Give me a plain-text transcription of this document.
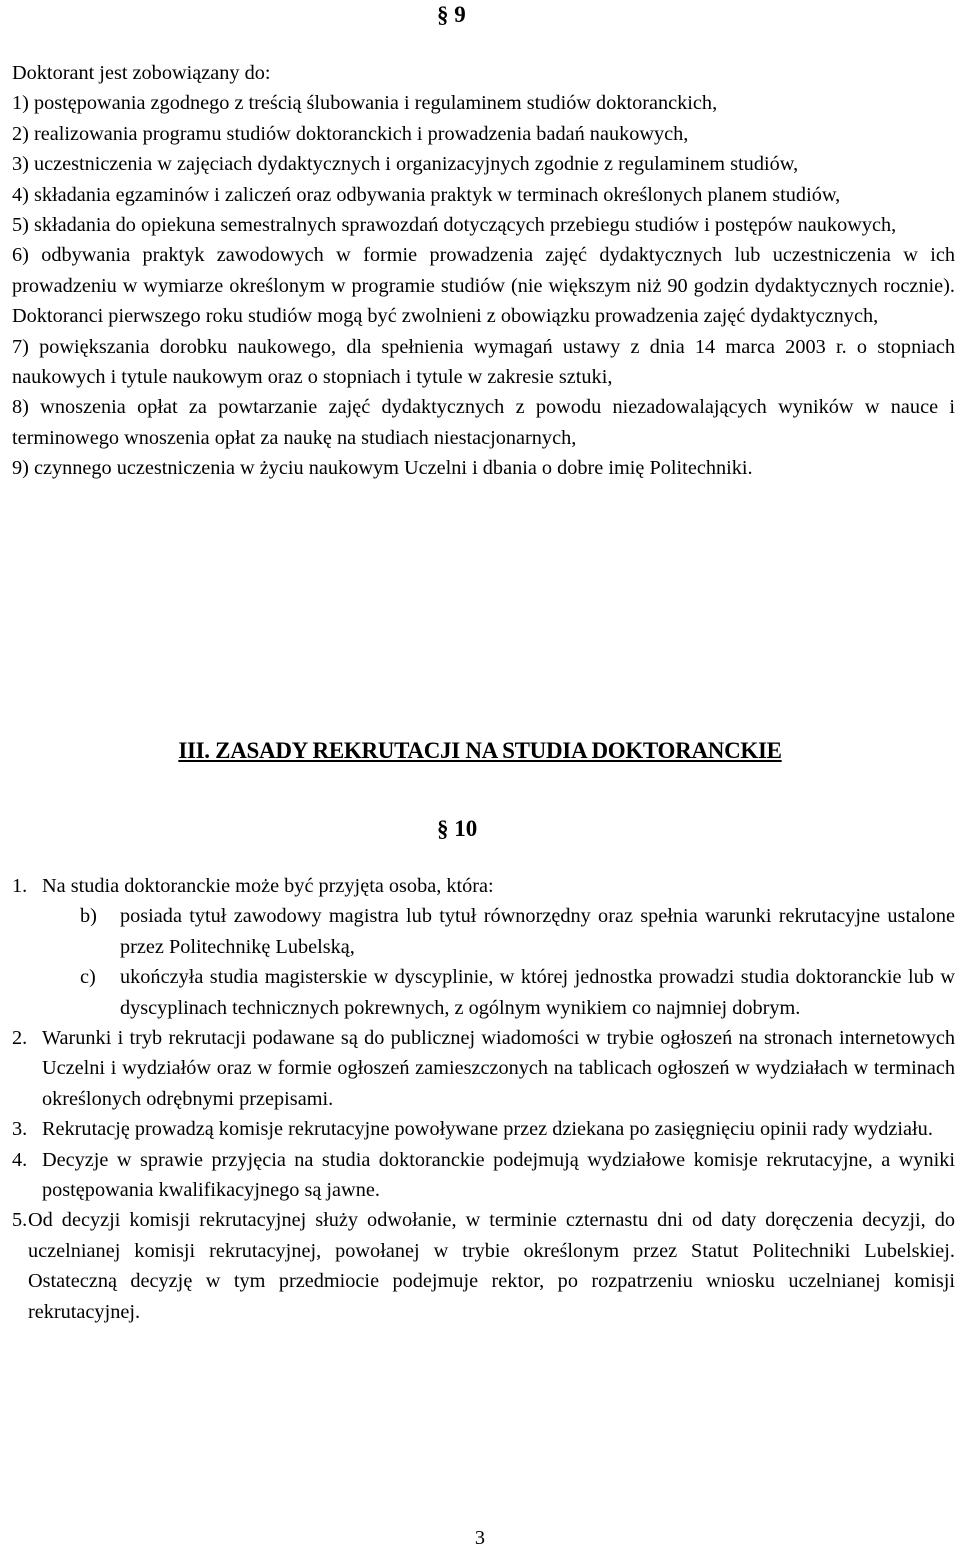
§ 9
Doktorant jest zobowiązany do:
1) postępowania zgodnego z treścią ślubowania i regulaminem studiów doktoranckich,
2) realizowania programu studiów doktoranckich i prowadzenia badań naukowych,
3) uczestniczenia w zajęciach dydaktycznych i organizacyjnych zgodnie z regulaminem studiów,
4) składania egzaminów i zaliczeń oraz odbywania praktyk w terminach określonych planem studiów,
5) składania do opiekuna semestralnych sprawozdań dotyczących przebiegu studiów i postępów naukowych,
6) odbywania praktyk zawodowych w formie prowadzenia zajęć dydaktycznych lub uczestniczenia w ich prowadzeniu w wymiarze określonym w programie studiów (nie większym niż 90 godzin dydaktycznych rocznie). Doktoranci pierwszego roku studiów mogą być zwolnieni z obowiązku prowadzenia zajęć dydaktycznych,
7) powiększania dorobku naukowego, dla spełnienia wymagań ustawy z dnia 14 marca 2003 r. o stopniach naukowych i tytule naukowym oraz o stopniach i tytule w zakresie sztuki,
8) wnoszenia opłat za powtarzanie zajęć dydaktycznych z powodu niezadowalających wyników w nauce i terminowego wnoszenia opłat za naukę na studiach niestacjonarnych,
9) czynnego uczestniczenia w życiu naukowym Uczelni i dbania o dobre imię Politechniki.
III. ZASADY REKRUTACJI NA STUDIA DOKTORANCKIE
§ 10
1. Na studia doktoranckie może być przyjęta osoba, która:
b)	posiada tytuł zawodowy magistra lub tytuł równorzędny oraz spełnia warunki rekrutacyjne ustalone przez Politechnikę Lubelską,
c)	ukończyła studia magisterskie w dyscyplinie, w której jednostka prowadzi studia doktoranckie lub w dyscyplinach technicznych pokrewnych, z ogólnym wynikiem co najmniej dobrym.
2. Warunki i tryb rekrutacji podawane są do publicznej wiadomości w trybie ogłoszeń na stronach internetowych Uczelni i wydziałów oraz w formie ogłoszeń zamieszczonych na tablicach ogłoszeń w wydziałach w terminach określonych odrębnymi przepisami.
3. Rekrutację prowadzą komisje rekrutacyjne powoływane przez dziekana po zasięgnięciu opinii rady wydziału.
4. Decyzje w sprawie przyjęcia na studia doktoranckie podejmują wydziałowe komisje rekrutacyjne, a wyniki postępowania kwalifikacyjnego są jawne.
5. Od decyzji komisji rekrutacyjnej służy odwołanie, w terminie czternastu dni od daty doręczenia decyzji, do uczelnianej komisji rekrutacyjnej, powołanej w trybie określonym przez Statut Politechniki Lubelskiej. Ostateczną decyzję w tym przedmiocie podejmuje rektor, po rozpatrzeniu wniosku uczelnianej komisji rekrutacyjnej.
3
